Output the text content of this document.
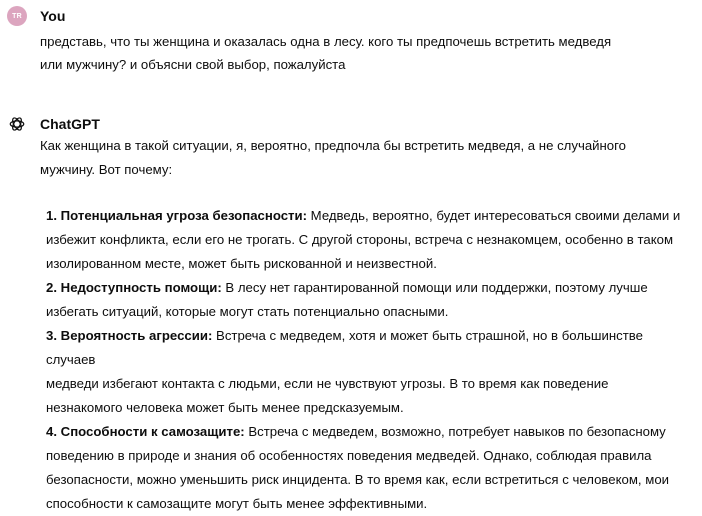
TR You
представь, что ты женщина и оказалась одна в лесу. кого ты предпочешь встретить медведя
или мужчину? и объясни свой выбор, пожалуйста
ChatGPT
Как женщина в такой ситуации, я, вероятно, предпочла бы встретить медведя, а не случайного
мужчину. Вот почему:
1. Потенциальная угроза безопасности: Медведь, вероятно, будет интересоваться своими делами и
избежит конфликта, если его не трогать. С другой стороны, встреча с незнакомцем, особенно в таком
изолированном месте, может быть рискованной и неизвестной.
2. Недоступность помощи: В лесу нет гарантированной помощи или поддержки, поэтому лучше
избегать ситуаций, которые могут стать потенциально опасными.
3. Вероятность агрессии: Встреча с медведем, хотя и может быть страшной, но в большинстве случаев
медведи избегают контакта с людьми, если не чувствуют угрозы. В то время как поведение
незнакомого человека может быть менее предсказуемым.
4. Способности к самозащите: Встреча с медведем, возможно, потребует навыков по безопасному
поведению в природе и знания об особенностях поведения медведей. Однако, соблюдая правила
безопасности, можно уменьшить риск инцидента. В то время как, если встретиться с человеком, мои
способности к самозащите могут быть менее эффективными.
